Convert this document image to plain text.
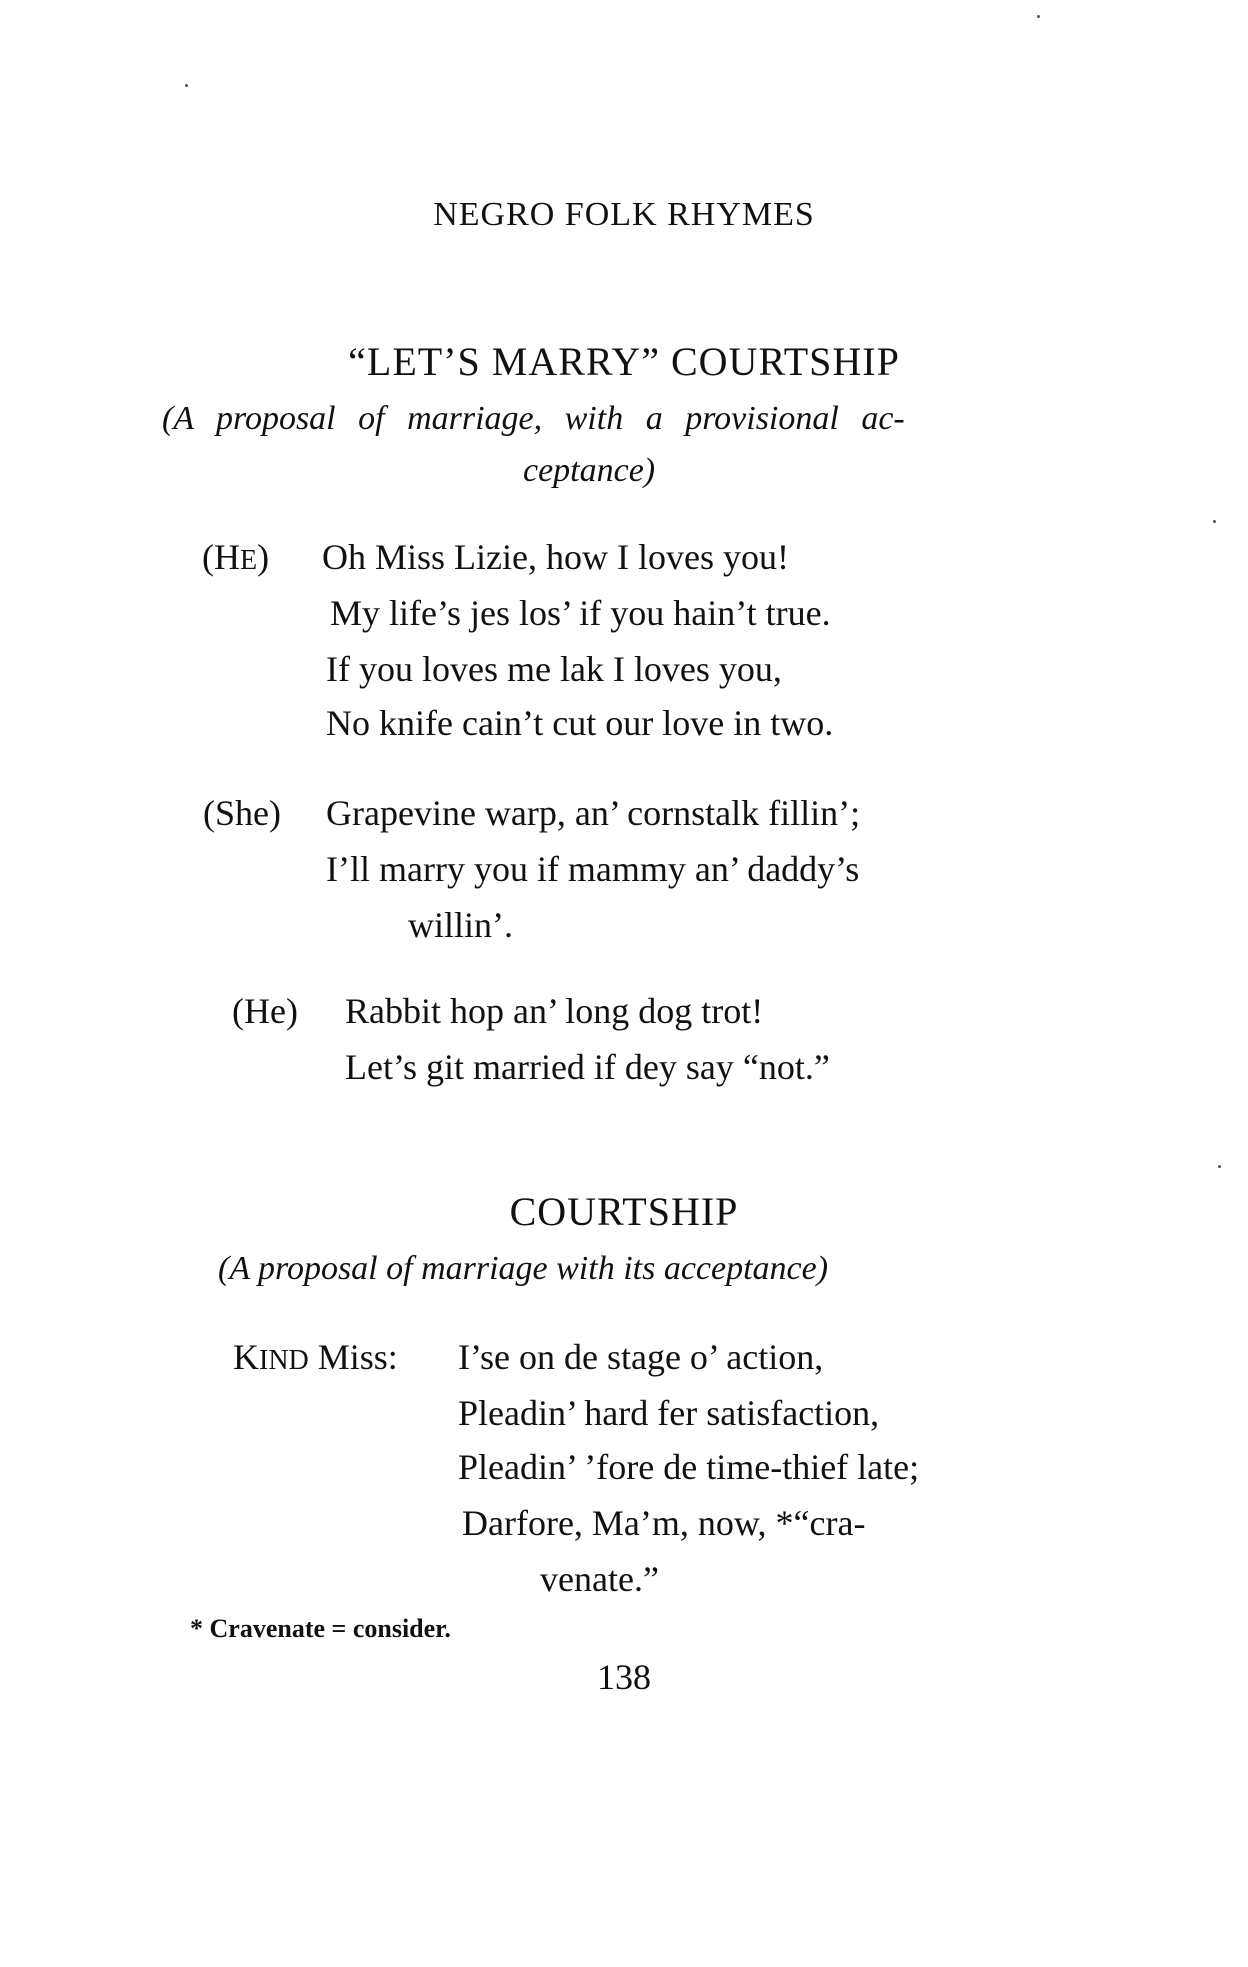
NEGRO FOLK RHYMES
“LET’S MARRY” COURTSHIP
(A proposal of marriage, with a provisional ac-
ceptance)
(HE) Oh Miss Lizie, how I loves you!
My life’s jes los’ if you hain’t true.
If you loves me lak I loves you,
No knife cain’t cut our love in two.
(She) Grapevine warp, an’ cornstalk fillin’;
I’ll marry you if mammy an’ daddy’s
willin’.
(He) Rabbit hop an’ long dog trot!
Let’s git married if dey say “not.”
COURTSHIP
(A proposal of marriage with its acceptance)
KIND Miss: I’se on de stage o’ action,
Pleadin’ hard fer satisfaction,
Pleadin’ ’fore de time-thief late;
Darfore, Ma’m, now, *“cra-
venate.”
* Cravenate = consider.
138
